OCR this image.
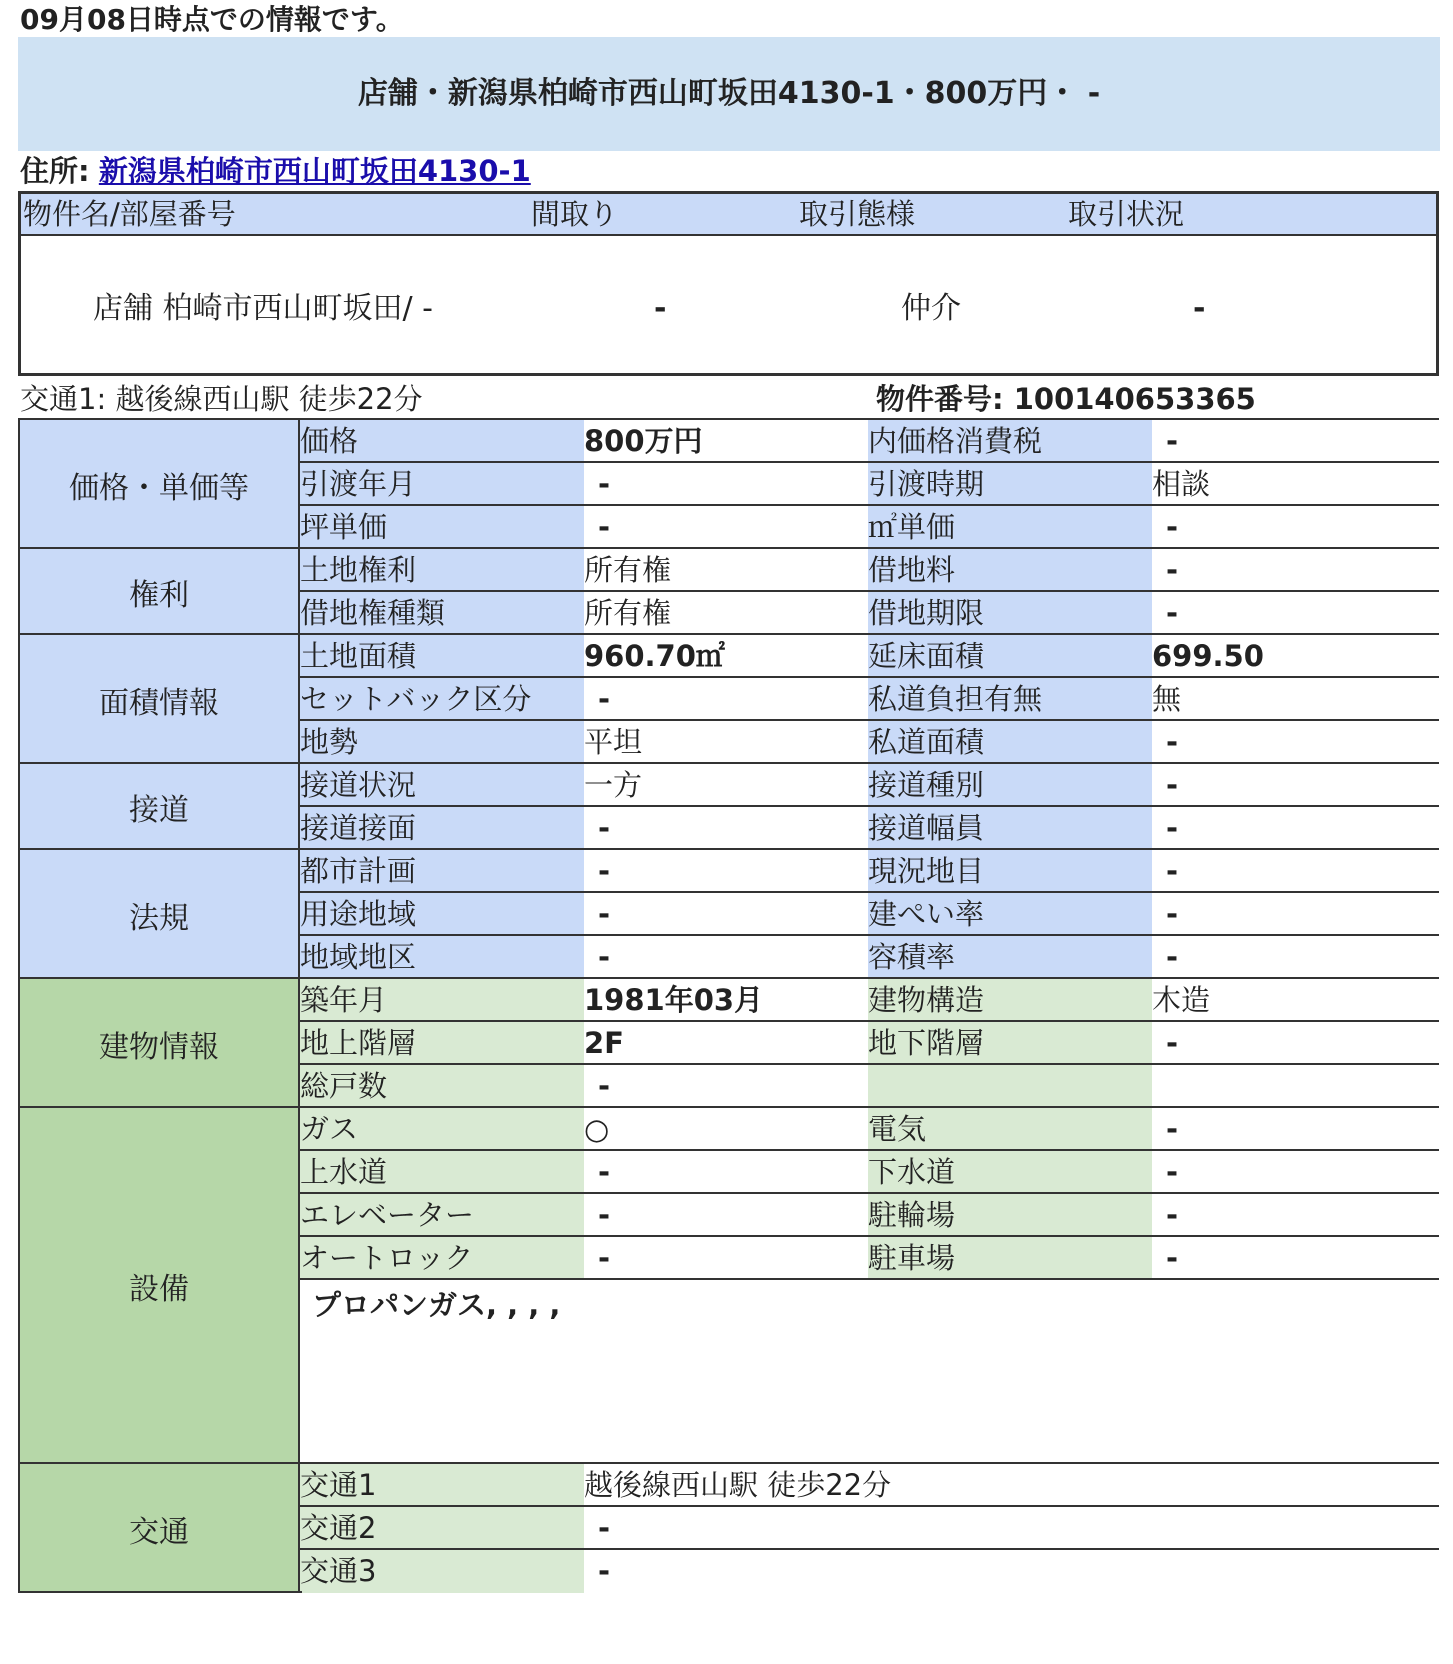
09月08日時点での情報です。
店舗・新潟県柏崎市西山町坂田4130-1・800万円・ -
住所: 新潟県柏崎市西山町坂田4130-1
物件名/部屋番号	間取り	取引態様	取引状況
店舗 柏崎市西山町坂田/ -	-	仲介	-
交通1: 越後線西山駅 徒歩22分	物件番号: 100140653365
価格・単価等
価格	800万円	内価格消費税	-
引渡年月	-	引渡時期	相談
坪単価	-	㎡単価	-
権利
土地権利	所有権	借地料	-
借地権種類	所有権	借地期限	-
面積情報
土地面積	960.70㎡	延床面積	699.50
セットバック区分	-	私道負担有無	無
地勢	平坦	私道面積	-
接道
接道状況	一方	接道種別	-
接道接面	-	接道幅員	-
法規
都市計画	-	現況地目	-
用途地域	-	建ぺい率	-
地域地区	-	容積率	-
建物情報
築年月	1981年03月	建物構造	木造
地上階層	2F	地下階層	-
総戸数	-
設備
ガス	○	電気	-
上水道	-	下水道	-
エレベーター	-	駐輪場	-
オートロック	-	駐車場	-
プロパンガス, , , ,
交通
交通1	越後線西山駅 徒歩22分
交通2	-
交通3	-
